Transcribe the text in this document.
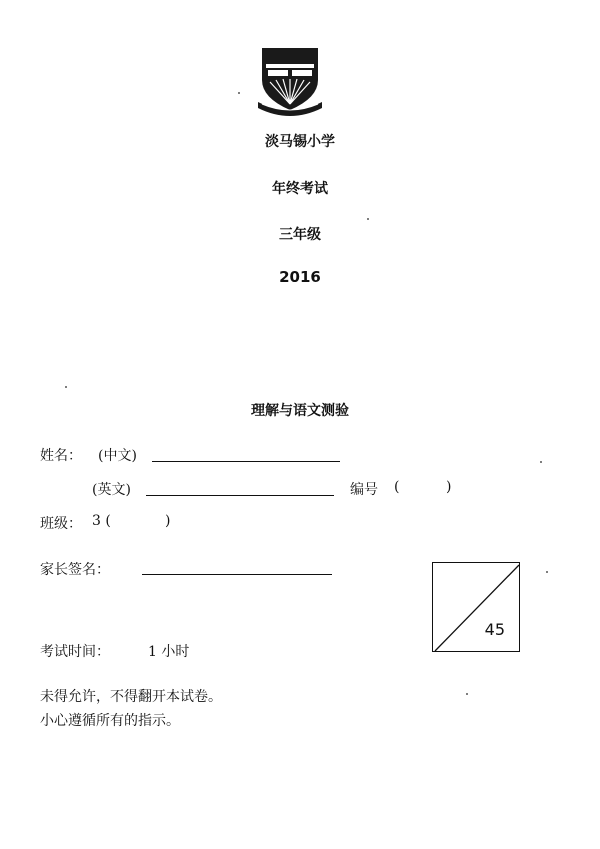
淡马锡小学
年终考试
三年级
2016
理解与语文测验
姓名： (中文)
(英文)	编号 (	)
班级： 3 (	)
家长签名：
45
考试时间：	1 小时
未得允许，不得翻开本试卷。
小心遵循所有的指示。
